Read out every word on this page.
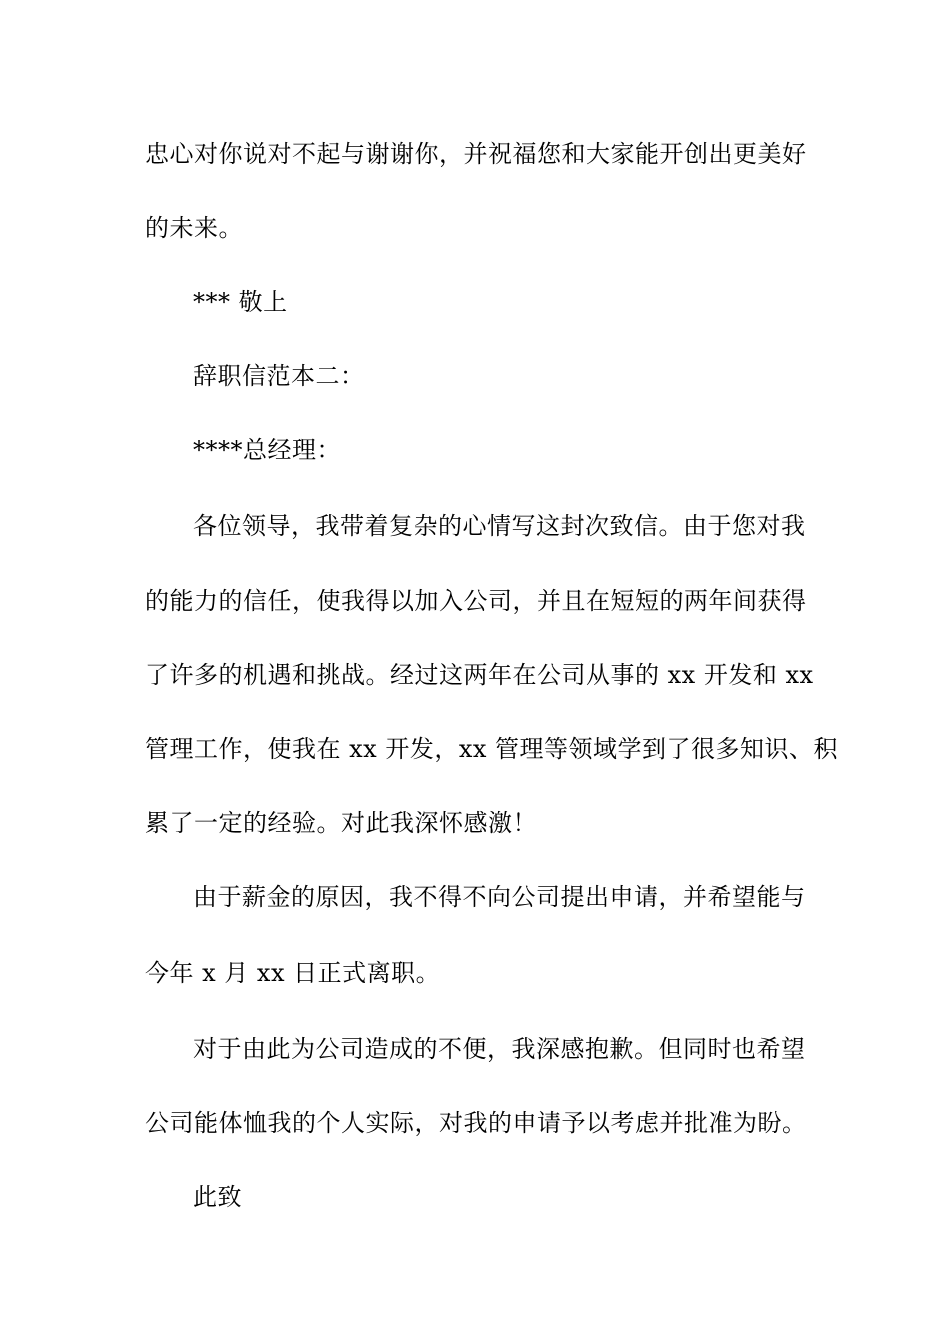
忠心对你说对不起与谢谢你，并祝福您和大家能开创出更美好
的未来。
*** 敬上
辞职信范本二：
****总经理：
各位领导，我带着复杂的心情写这封次致信。由于您对我
的能力的信任，使我得以加入公司，并且在短短的两年间获得
了许多的机遇和挑战。经过这两年在公司从事的 xx 开发和 xx
管理工作，使我在 xx 开发，xx 管理等领域学到了很多知识、积
累了一定的经验。对此我深怀感激！
由于薪金的原因，我不得不向公司提出申请，并希望能与
今年 x 月 xx 日正式离职。
对于由此为公司造成的不便，我深感抱歉。但同时也希望
公司能体恤我的个人实际，对我的申请予以考虑并批准为盼。
此致
